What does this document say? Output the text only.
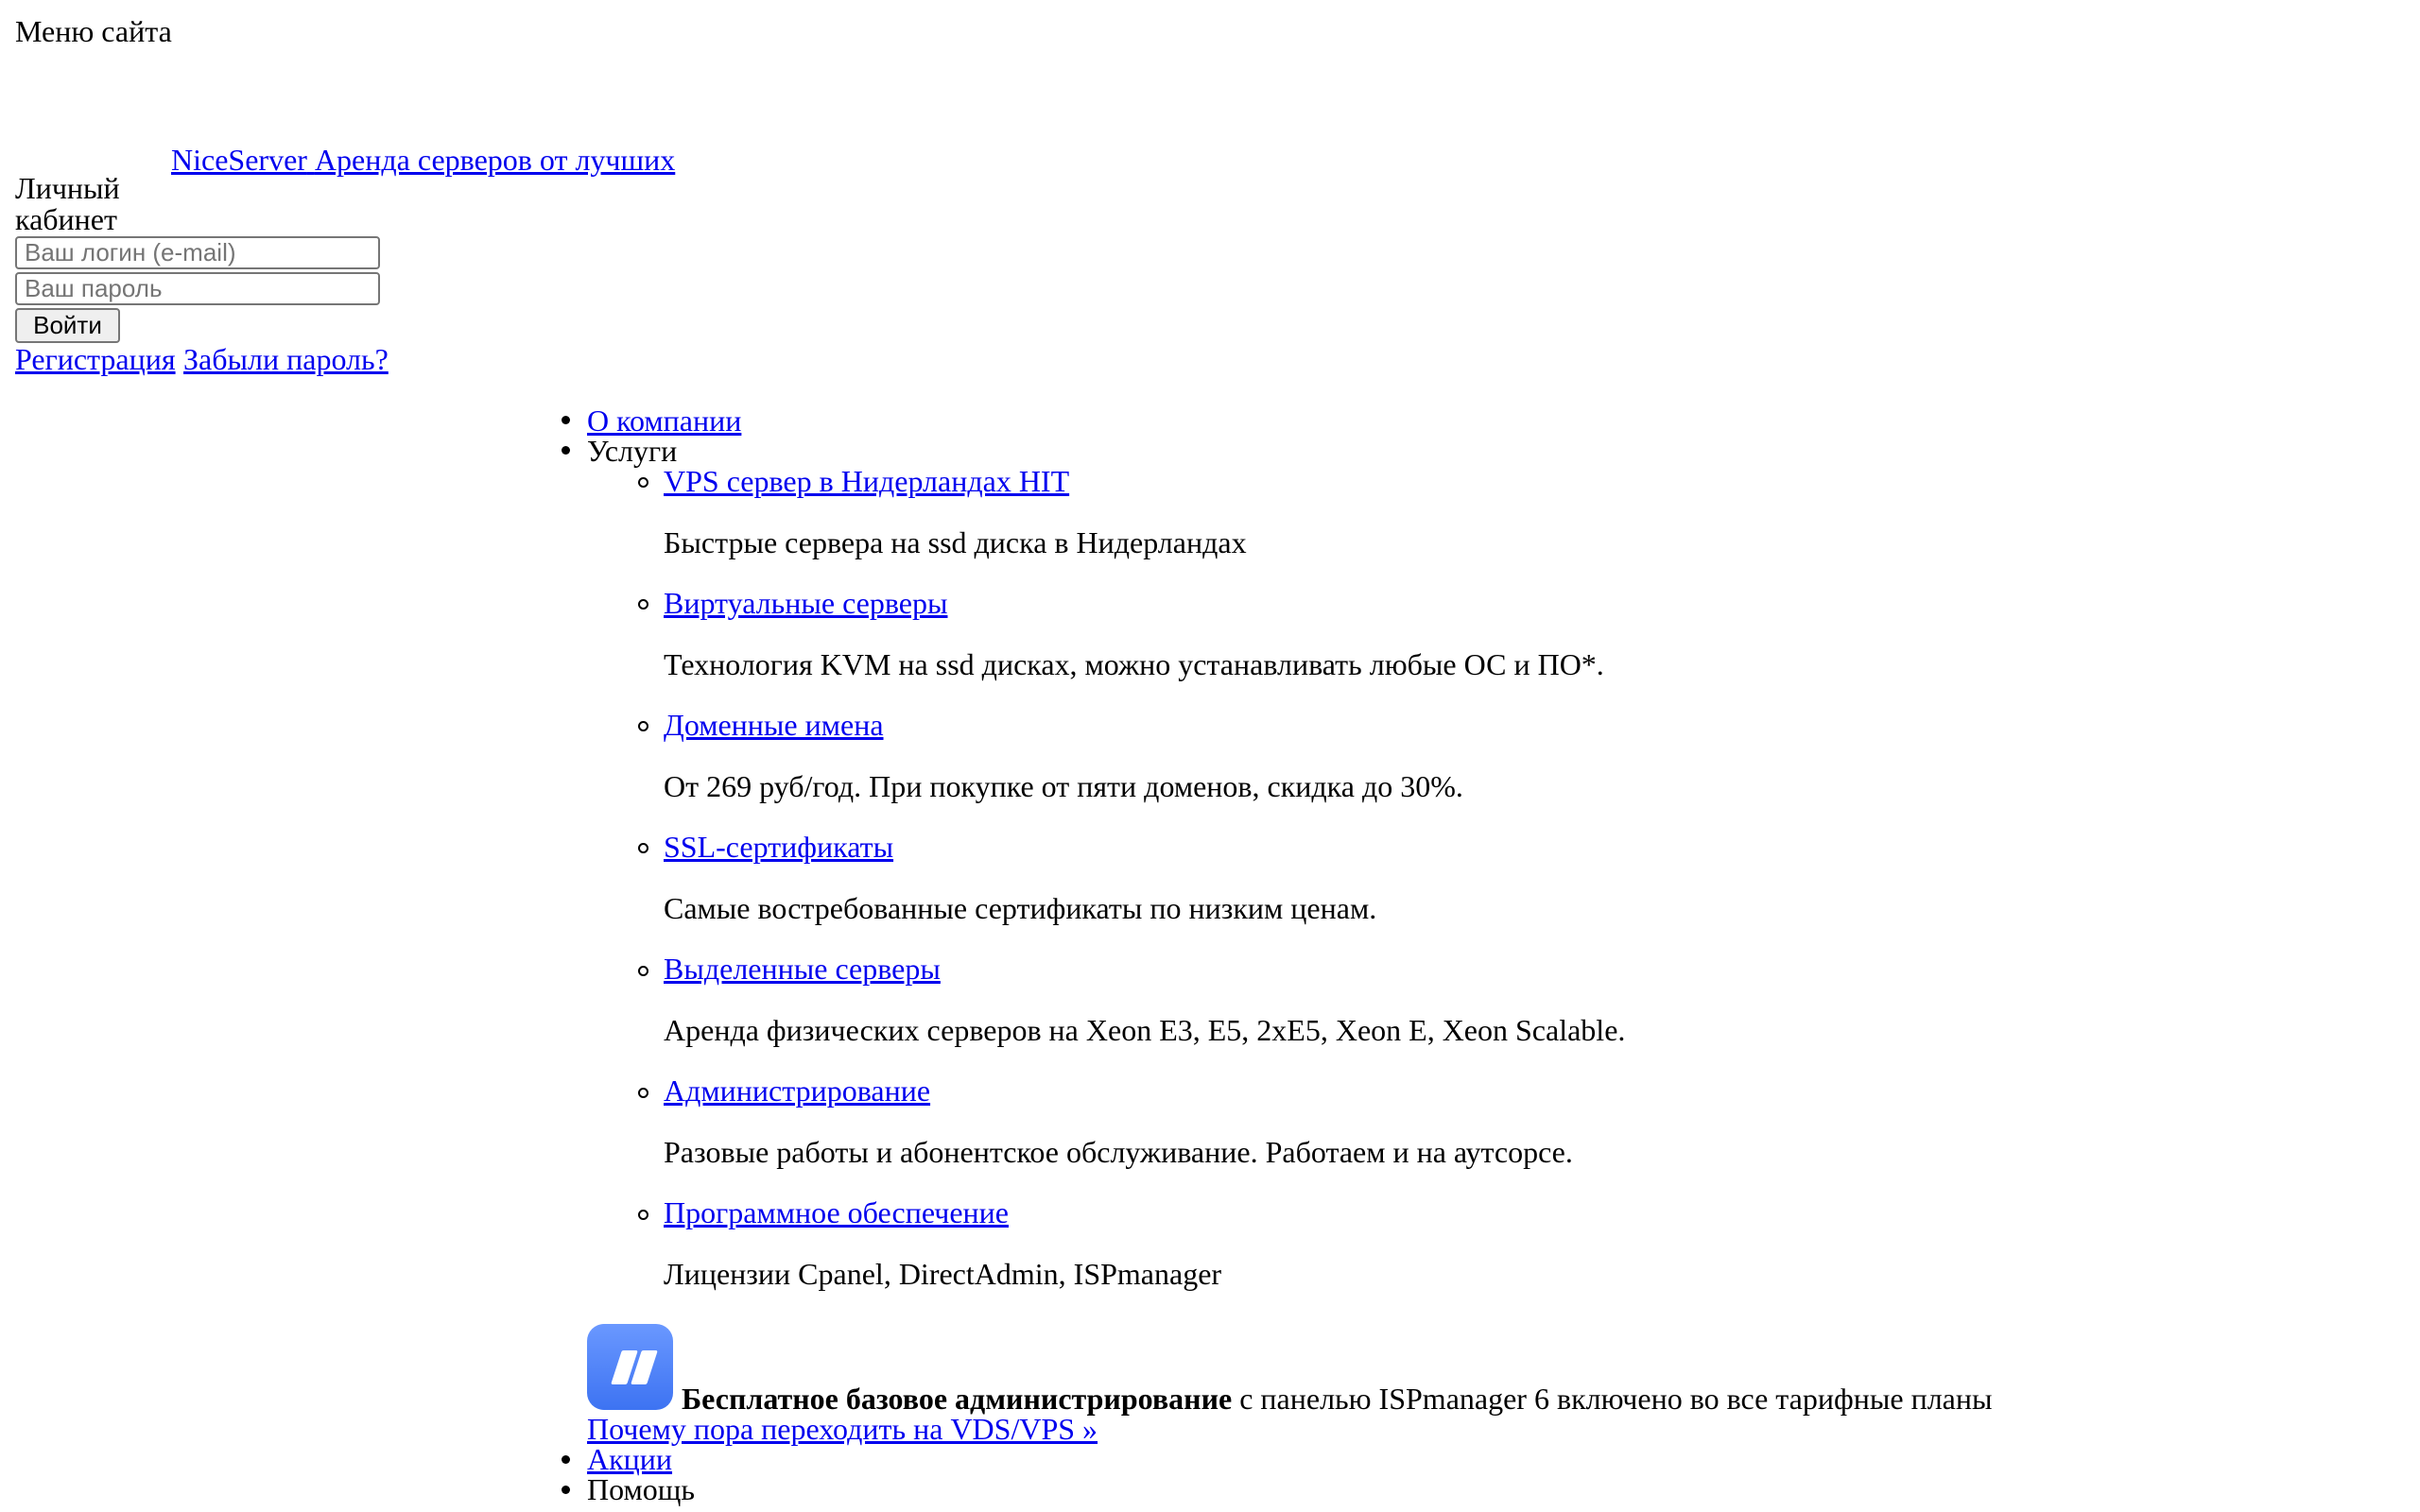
Меню сайта
NiceServer Аренда серверов от лучших
Личный
кабинет
Ваш логин (e-mail)
Войти
Регистрация Забыли пароль?
О компании
Услуги
VPS сервер в Нидерландах HIT
Быстрые сервера на ssd диска в Нидерландах
Виртуальные серверы
Технология KVM на ssd дисках, можно устанавливать любые ОС и ПО*.
Доменные имена
От 269 руб/год. При покупке от пяти доменов, скидка до 30%.
SSL-сертификаты
Самые востребованные сертификаты по низким ценам.
Выделенные серверы
Аренда физических серверов на Xeon E3, E5, 2xE5, Xeon E, Xeon Scalable.
Администрирование
Разовые работы и абонентское обслуживание. Работаем и на аутсорсе.
Программное обеспечение
Лицензии Cpanel, DirectAdmin, ISPmanager
Бесплатное базовое администрирование с панелью ISPmanager 6 включено во все тарифные планы
Почему пора переходить на VDS/VPS »
Акции
Помощь
